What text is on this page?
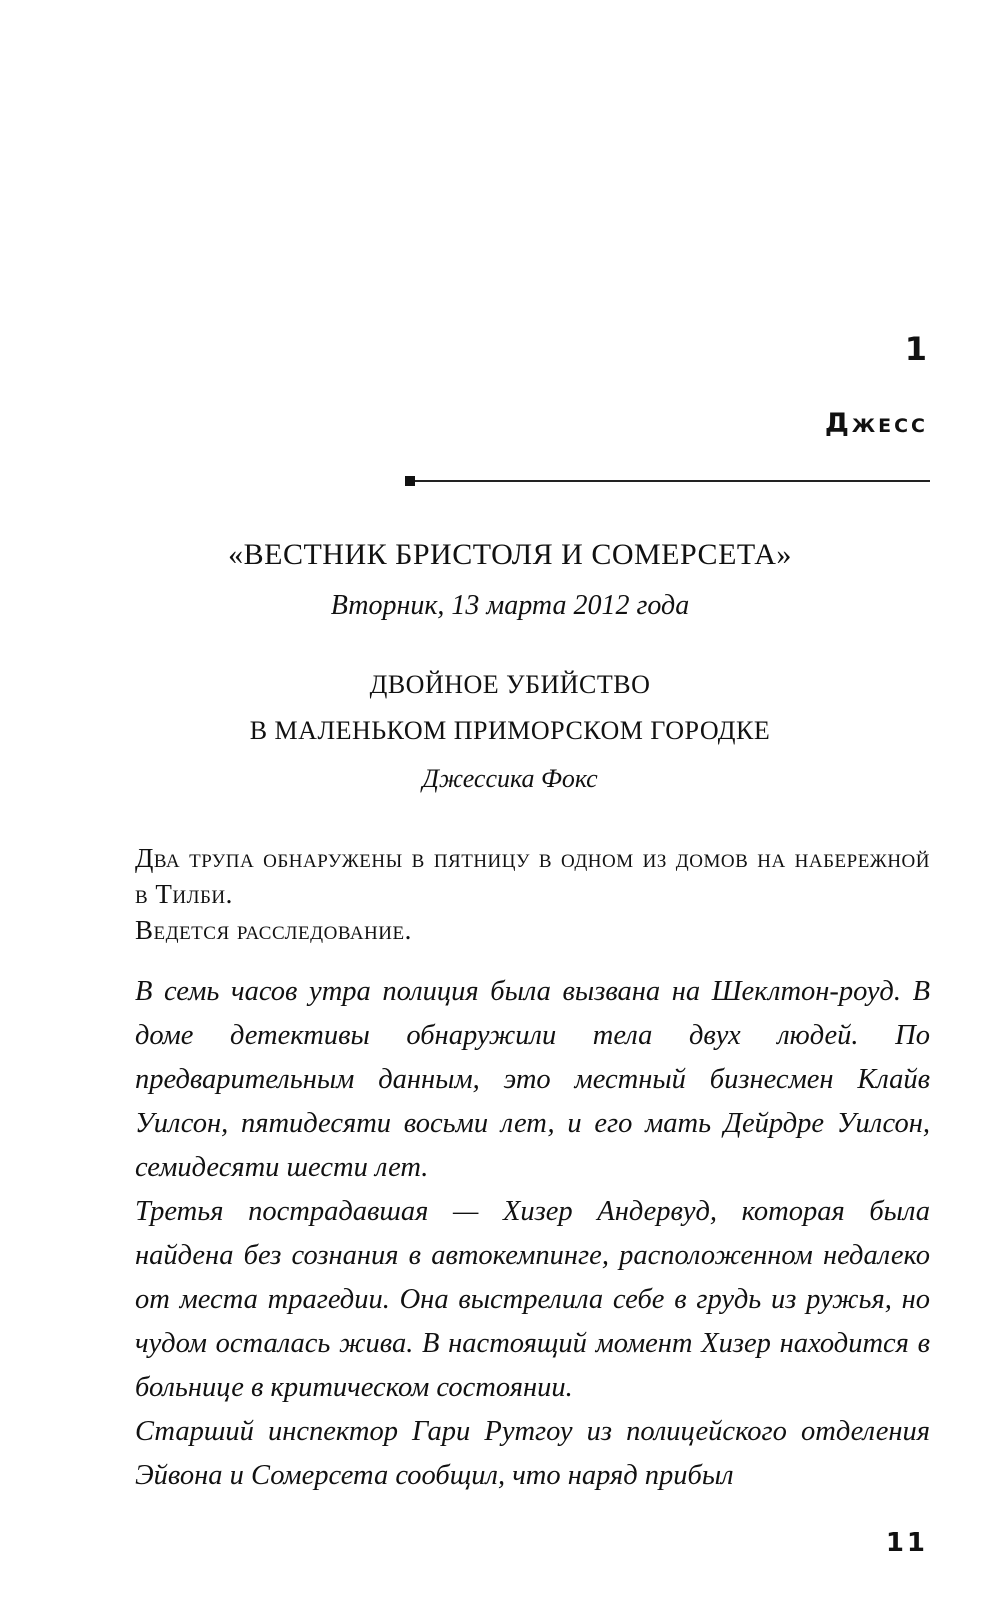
1
Джесс
«ВЕСТНИК БРИСТОЛЯ И СОМЕРСЕТА»
Вторник, 13 марта 2012 года
ДВОЙНОЕ УБИЙСТВО
В МАЛЕНЬКОМ ПРИМОРСКОМ ГОРОДКЕ
Джессика Фокс

Два трупа обнаружены в пятницу в одном из домов на набережной в Тилби.

Ведется расследование.

В семь часов утра полиция была вызвана на Шеклтон-роуд. В доме детективы обнаружили тела двух людей. По предварительным данным, это местный бизнесмен Клайв Уилсон, пятидесяти восьми лет, и его мать Дейрдре Уилсон, семидесяти шести лет.

Третья пострадавшая — Хизер Андервуд, которая была найдена без сознания в автокемпинге, расположенном недалеко от места трагедии. Она выстрелила себе в грудь из ружья, но чудом осталась жива. В настоящий момент Хизер находится в больнице в критическом состоянии.

Старший инспектор Гари Рутгоу из полицейского отделения Эйвона и Сомерсета сообщил, что наряд прибыл

11
